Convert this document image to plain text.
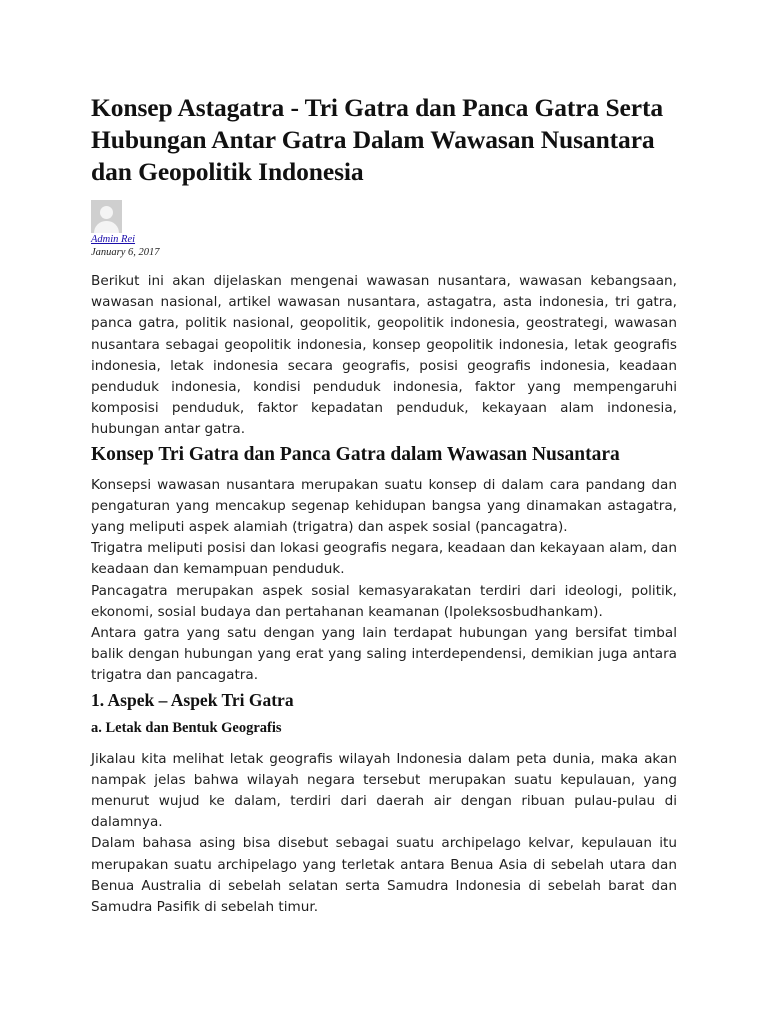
Konsep Astagatra - Tri Gatra dan Panca Gatra Serta Hubungan Antar Gatra Dalam Wawasan Nusantara dan Geopolitik Indonesia
Admin Rei
January 6, 2017

Berikut ini akan dijelaskan mengenai wawasan nusantara, wawasan kebangsaan, wawasan nasional, artikel wawasan nusantara, astagatra, asta indonesia, tri gatra, panca gatra, politik nasional, geopolitik, geopolitik indonesia, geostrategi, wawasan nusantara sebagai geopolitik indonesia, konsep geopolitik indonesia, letak geografis indonesia, letak indonesia secara geografis, posisi geografis indonesia, keadaan penduduk indonesia, kondisi penduduk indonesia, faktor yang mempengaruhi komposisi penduduk, faktor kepadatan penduduk, kekayaan alam indonesia, hubungan antar gatra.

Konsep Tri Gatra dan Panca Gatra dalam Wawasan Nusantara

Konsepsi wawasan nusantara merupakan suatu konsep di dalam cara pandang dan pengaturan yang mencakup segenap kehidupan bangsa yang dinamakan astagatra, yang meliputi aspek alamiah (trigatra) dan aspek sosial (pancagatra).

Trigatra meliputi posisi dan lokasi geografis negara, keadaan dan kekayaan alam, dan keadaan dan kemampuan penduduk.

Pancagatra merupakan aspek sosial kemasyarakatan terdiri dari ideologi, politik, ekonomi, sosial budaya dan pertahanan keamanan (Ipoleksosbudhankam).

Antara gatra yang satu dengan yang lain terdapat hubungan yang bersifat timbal balik dengan hubungan yang erat yang saling interdependensi, demikian juga antara trigatra dan pancagatra.

1. Aspek – Aspek Tri Gatra
a. Letak dan Bentuk Geografis

Jikalau kita melihat letak geografis wilayah Indonesia dalam peta dunia, maka akan nampak jelas bahwa wilayah negara tersebut merupakan suatu kepulauan, yang menurut wujud ke dalam, terdiri dari daerah air dengan ribuan pulau-pulau di dalamnya.

Dalam bahasa asing bisa disebut sebagai suatu archipelago kelvar, kepulauan itu merupakan suatu archipelago yang terletak antara Benua Asia di sebelah utara dan Benua Australia di sebelah selatan serta Samudra Indonesia di sebelah barat dan Samudra Pasifik di sebelah timur.
